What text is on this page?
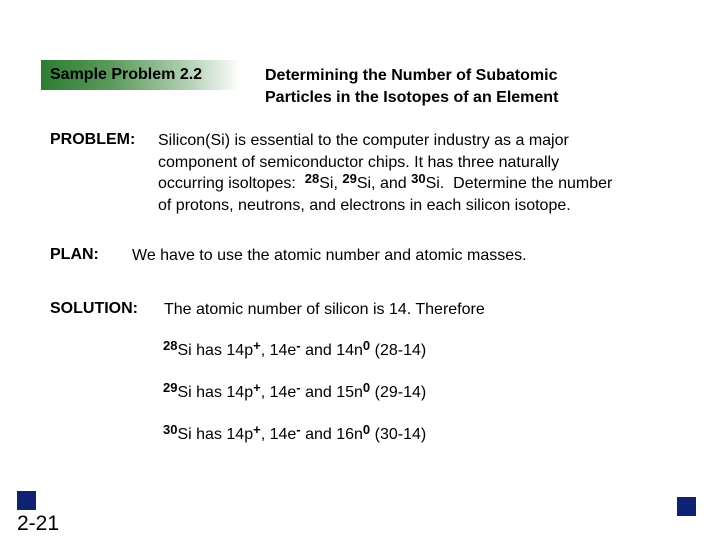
Sample Problem 2.2	Determining the Number of Subatomic
Particles in the Isotopes of an Element
PROBLEM: Silicon(Si) is essential to the computer industry as a major
component of semiconductor chips. It has three naturally
occurring isoltopes: $^{28}$Si, $^{29}$Si, and $^{30}$Si. Determine the number
of protons, neutrons, and electrons in each silicon isotope.
PLAN: We have to use the atomic number and atomic masses.
SOLUTION: The atomic number of silicon is 14. Therefore
$^{28}$Si has 14p+, 14e- and $14n^0$ (28-14)
$^{29}$Si has 14p+, 14e- and $15n^0$ (29-14)
$^{30}$Si has 14p+, 14e- and $16n^0$ (30-14)
2-21
